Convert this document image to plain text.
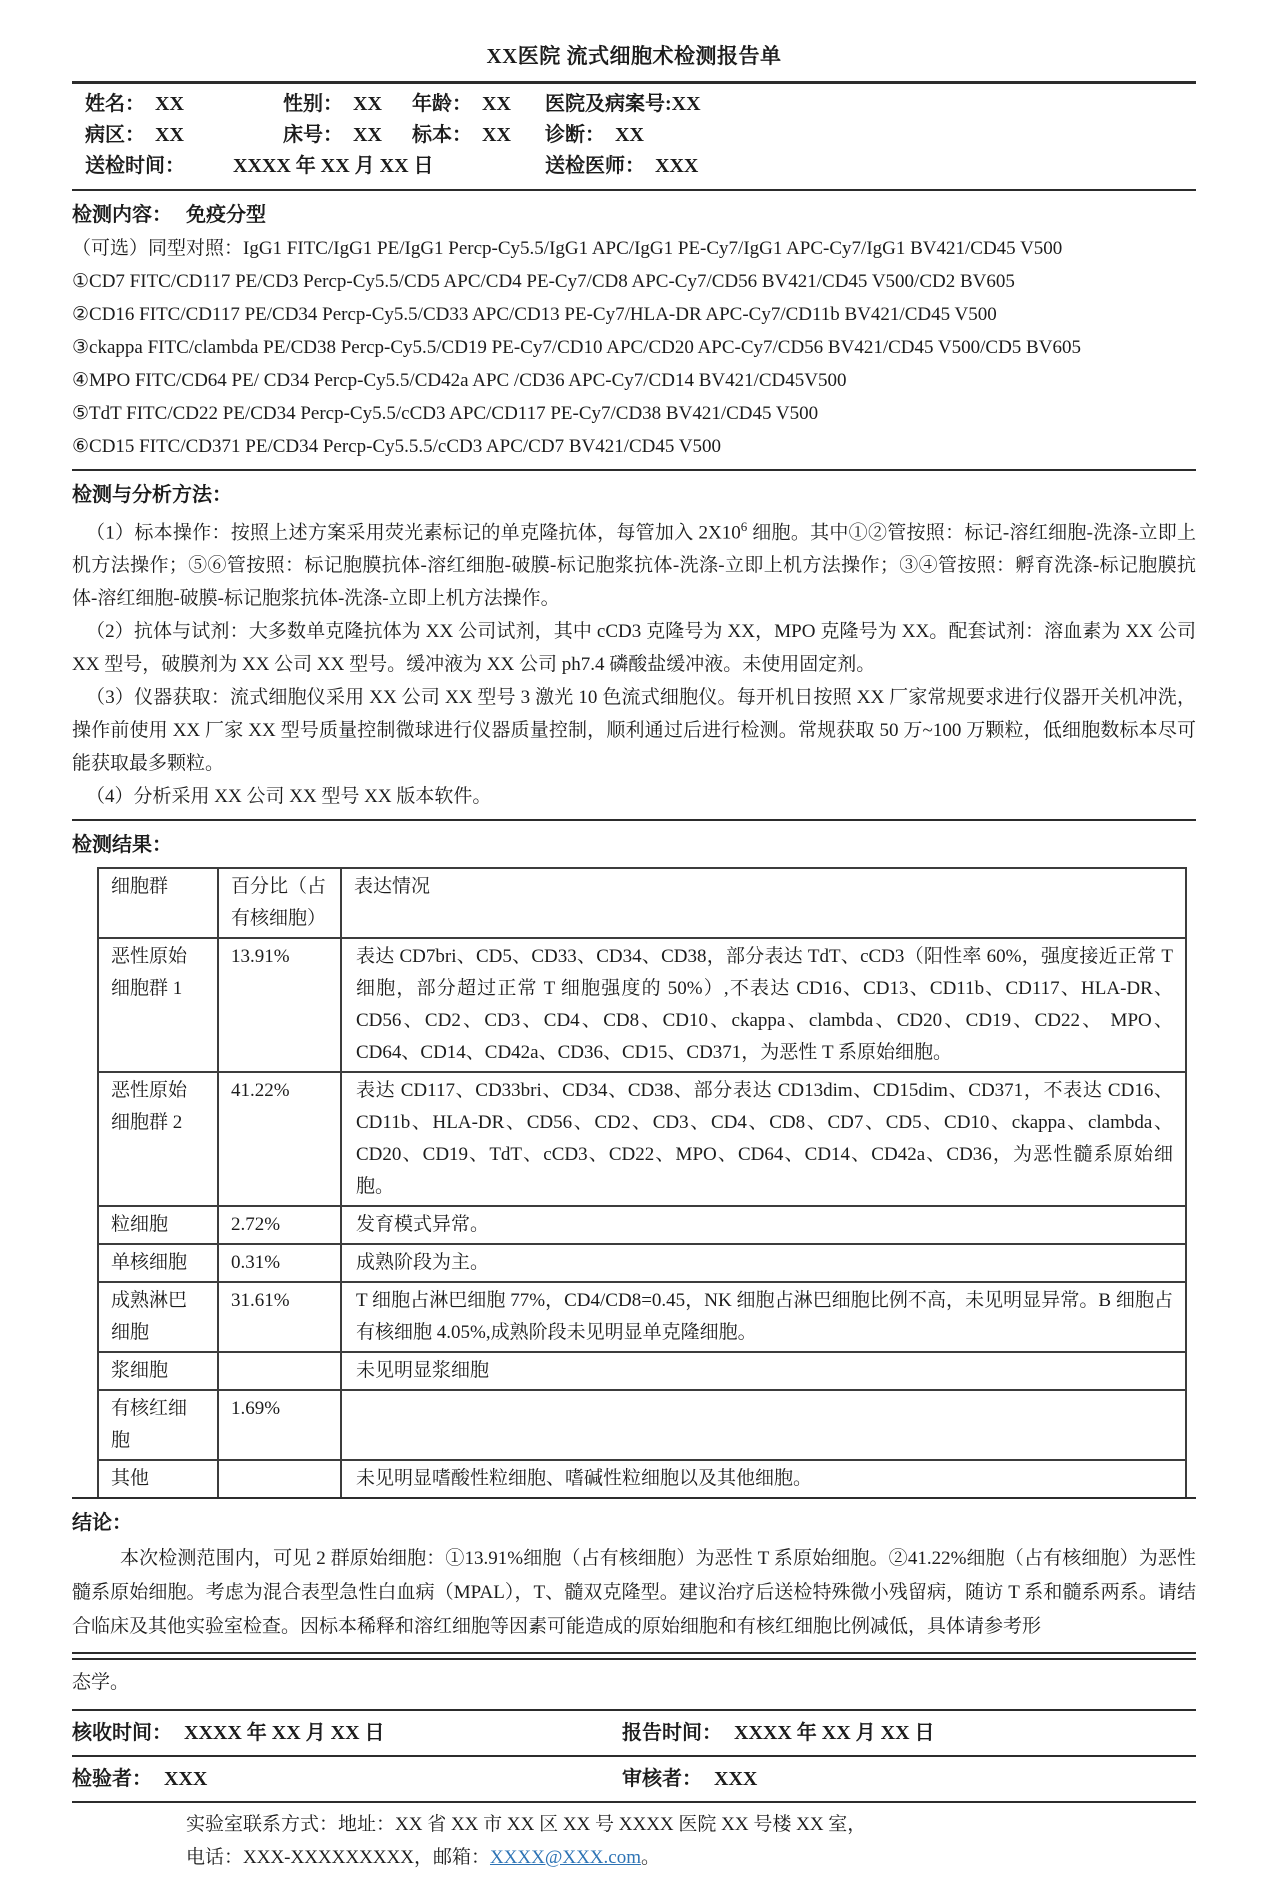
XX医院 流式细胞术检测报告单
姓名： XX	性别： XX	年龄： XX	医院及病案号:XX
病区： XX	床号： XX	标本： XX	诊断： XX
送检时间： XXXX 年 XX 月 XX 日	送检医师： XXX
检测内容： 免疫分型
（可选）同型对照：IgG1 FITC/IgG1 PE/IgG1 Percp-Cy5.5/IgG1 APC/IgG1 PE-Cy7/IgG1 APC-Cy7/IgG1 BV421/CD45 V500
①CD7 FITC/CD117 PE/CD3 Percp-Cy5.5/CD5 APC/CD4 PE-Cy7/CD8 APC-Cy7/CD56 BV421/CD45 V500/CD2 BV605
②CD16 FITC/CD117 PE/CD34 Percp-Cy5.5/CD33 APC/CD13 PE-Cy7/HLA-DR APC-Cy7/CD11b BV421/CD45 V500
③ckappa FITC/clambda PE/CD38 Percp-Cy5.5/CD19 PE-Cy7/CD10 APC/CD20 APC-Cy7/CD56 BV421/CD45 V500/CD5 BV605
④MPO FITC/CD64 PE/ CD34 Percp-Cy5.5/CD42a APC /CD36 APC-Cy7/CD14 BV421/CD45V500
⑤TdT FITC/CD22 PE/CD34 Percp-Cy5.5/cCD3 APC/CD117 PE-Cy7/CD38 BV421/CD45 V500
⑥CD15 FITC/CD371 PE/CD34 Percp-Cy5.5.5/cCD3 APC/CD7 BV421/CD45 V500
检测与分析方法：

（1）标本操作：按照上述方案采用荧光素标记的单克隆抗体，每管加入 $2X10^6$ 细胞。其中①②管按照：标记-溶红细胞-洗涤-立即上机方法操作；⑤⑥管按照：标记胞膜抗体-溶红细胞-破膜-标记胞浆抗体-洗涤-立即上机方法操作；③④管按照：孵育洗涤-标记胞膜抗体-溶红细胞-破膜-标记胞浆抗体-洗涤-立即上机方法操作。

（2）抗体与试剂：大多数单克隆抗体为 XX 公司试剂，其中 cCD3 克隆号为 XX，MPO 克隆号为 XX。配套试剂：溶血素为 XX 公司 XX 型号，破膜剂为 XX 公司 XX 型号。缓冲液为 XX 公司 ph7.4 磷酸盐缓冲液。未使用固定剂。

（3）仪器获取：流式细胞仪采用 XX 公司 XX 型号 3 激光 10 色流式细胞仪。每开机日按照 XX 厂家常规要求进行仪器开关机冲洗，操作前使用 XX 厂家 XX 型号质量控制微球进行仪器质量控制，顺利通过后进行检测。常规获取 50 万~100 万颗粒，低细胞数标本尽可能获取最多颗粒。

（4）分析采用 XX 公司 XX 型号 XX 版本软件。

检测结果：
细胞群	百分比（占有核细胞）	表达情况
恶性原始细胞群 1	13.91%	表达 CD7bri、CD5、CD33、CD34、CD38，部分表达 TdT、cCD3（阳性率 60%，强度接近正常 T 细胞，部分超过正常 T 细胞强度的 50%）,不表达 CD16、CD13、CD11b、CD117、HLA-DR、CD56、CD2、CD3、CD4、CD8、CD10、ckappa、clambda、CD20、CD19、CD22、 MPO、CD64、CD14、CD42a、CD36、CD15、CD371，为恶性 T 系原始细胞。
恶性原始细胞群 2	41.22%	表达 CD117、CD33bri、CD34、CD38、部分表达 CD13dim、CD15dim、CD371，不表达 CD16、CD11b、HLA-DR、CD56、CD2、CD3、CD4、CD8、CD7、CD5、CD10、ckappa、clambda、CD20、CD19、TdT、cCD3、CD22、MPO、CD64、CD14、CD42a、CD36，为恶性髓系原始细胞。
粒细胞	2.72%	发育模式异常。
单核细胞	0.31%	成熟阶段为主。
成熟淋巴细胞	31.61%	T 细胞占淋巴细胞 77%，CD4/CD8=0.45，NK 细胞占淋巴细胞比例不高，未见明显异常。B 细胞占有核细胞 4.05%,成熟阶段未见明显单克隆细胞。
浆细胞		未见明显浆细胞
有核红细胞	1.69%	
其他		未见明显嗜酸性粒细胞、嗜碱性粒细胞以及其他细胞。
结论：

本次检测范围内，可见 2 群原始细胞：①13.91%细胞（占有核细胞）为恶性 T 系原始细胞。②41.22%细胞（占有核细胞）为恶性髓系原始细胞。考虑为混合表型急性白血病（MPAL），T、髓双克隆型。建议治疗后送检特殊微小残留病，随访 T 系和髓系两系。请结合临床及其他实验室检查。因标本稀释和溶红细胞等因素可能造成的原始细胞和有核红细胞比例减低，具体请参考形

态学。
核收时间： XXXX 年 XX 月 XX 日	报告时间： XXXX 年 XX 月 XX 日
检验者： XXX	审核者： XXX
实验室联系方式：地址：XX 省 XX 市 XX 区 XX 号 XXXX 医院 XX 号楼 XX 室，
电话：XXX-XXXXXXXXX，邮箱：XXXX@XXX.com。
